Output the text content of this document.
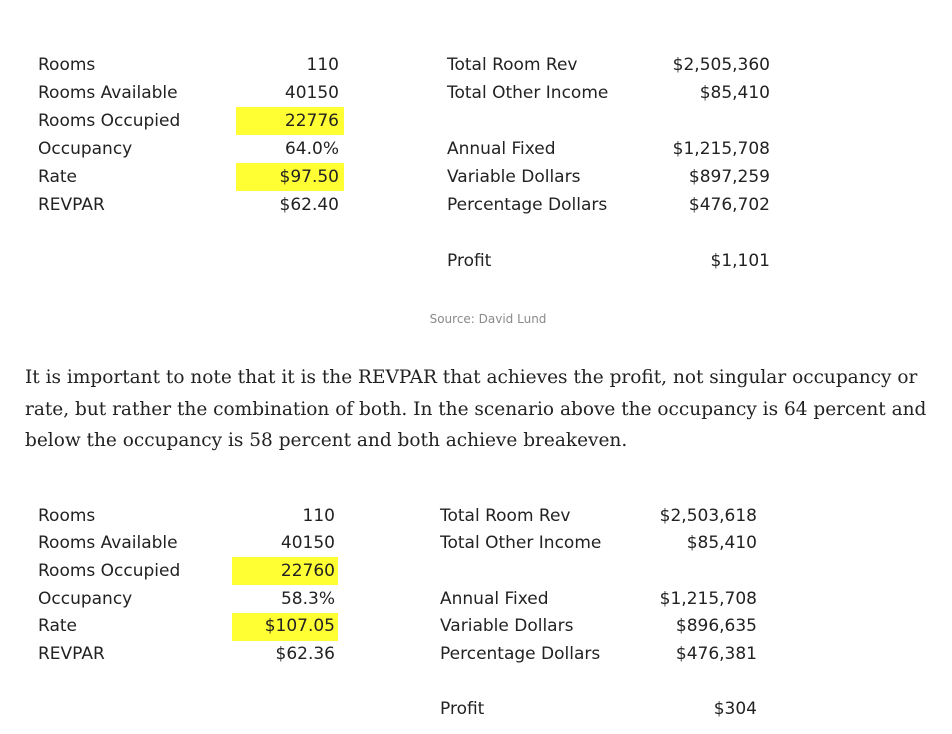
Rooms
Rooms Available
Rooms Occupied
Occupancy
Rate
REVPAR
110
40150
22776
64.0%
$97.50
$62.40
Total Room Rev
Total Other Income
Annual Fixed
Variable Dollars
Percentage Dollars
Profit
$2,505,360
$85,410
$1,215,708
$897,259
$476,702
$1,101
Source: David Lund

It is important to note that it is the REVPAR that achieves the profit, not singular occupancy or rate, but rather the combination of both. In the scenario above the occupancy is 64 percent and below the occupancy is 58 percent and both achieve breakeven.

Rooms
Rooms Available
Rooms Occupied
Occupancy
Rate
REVPAR
110
40150
22760
58.3%
$107.05
$62.36
Total Room Rev
Total Other Income
Annual Fixed
Variable Dollars
Percentage Dollars
Profit
$2,503,618
$85,410
$1,215,708
$896,635
$476,381
$304
